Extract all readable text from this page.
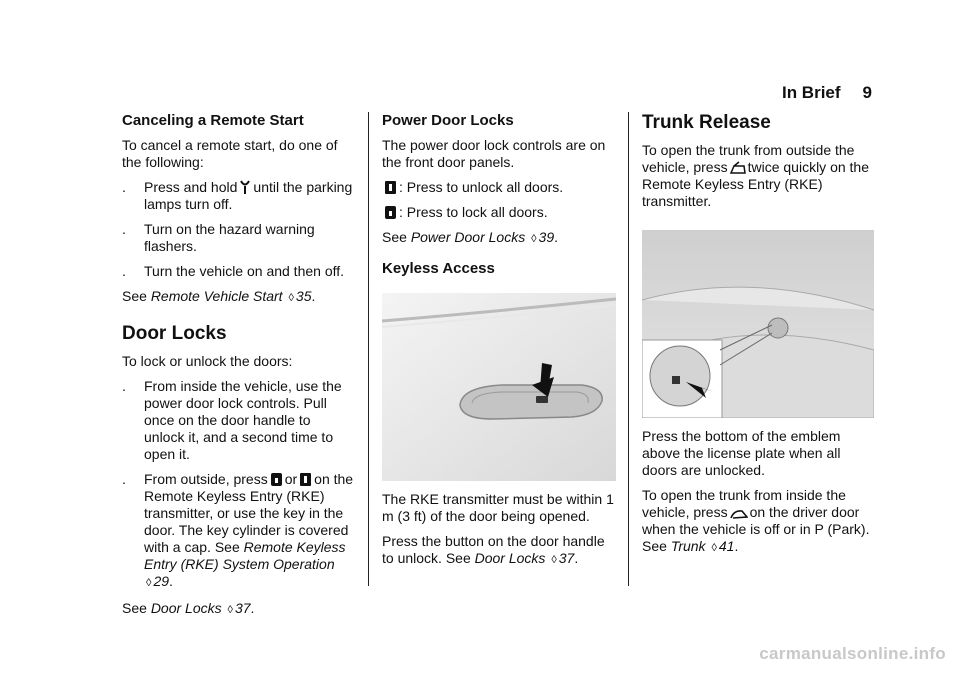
In Brief 9
Canceling a Remote Start

To cancel a remote start, do one of the following:

.	Press and hold until the parking lamps turn off.
.	Turn on the hazard warning flashers.
.	Turn the vehicle on and then off.

See Remote Vehicle Start ◊ 35.

Door Locks

To lock or unlock the doors:

.	From inside the vehicle, use the power door lock controls. Pull once on the door handle to unlock it, and a second time to open it.
.	From outside, press or on the Remote Keyless Entry (RKE) transmitter, or use the key in the door. The key cylinder is covered with a cap. See Remote Keyless Entry (RKE) System Operation ◊ 29.

See Door Locks ◊ 37.

Power Door Locks

The power door lock controls are on the front door panels.

: Press to unlock all doors.

: Press to lock all doors.

See Power Door Locks ◊ 39.

Keyless Access

The RKE transmitter must be within 1 m (3 ft) of the door being opened.

Press the button on the door handle to unlock. See Door Locks ◊ 37.

Trunk Release

To open the trunk from outside the vehicle, press twice quickly on the Remote Keyless Entry (RKE) transmitter.

Press the bottom of the emblem above the license plate when all doors are unlocked.

To open the trunk from inside the vehicle, press on the driver door when the vehicle is off or in P (Park). See Trunk ◊ 41.

carmanualsonline.info
